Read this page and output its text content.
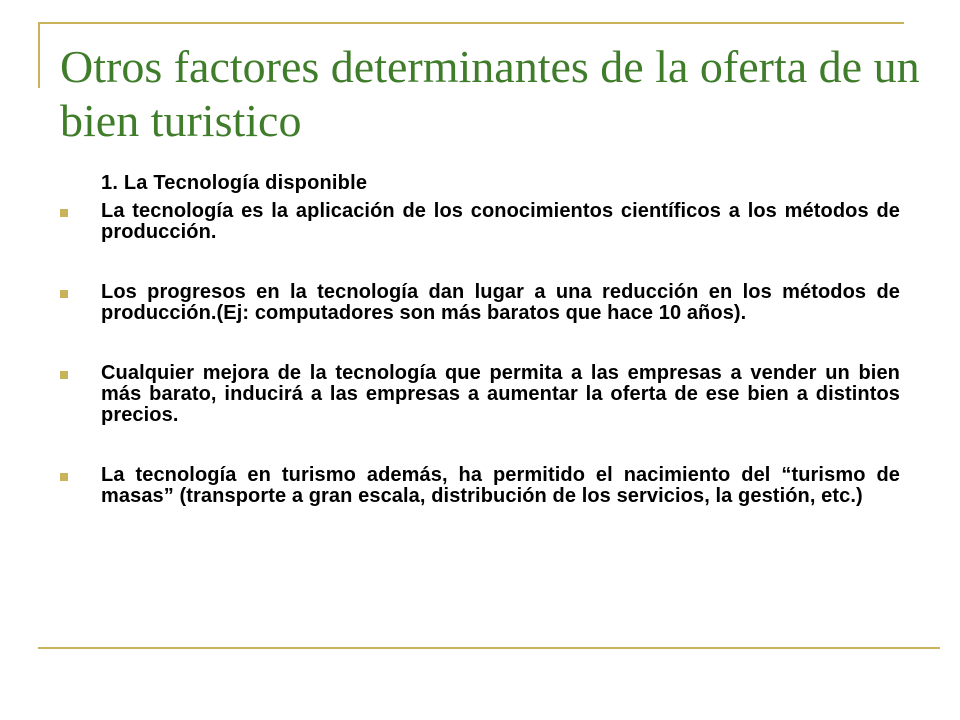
Otros factores determinantes de la oferta de un bien turistico
1. La Tecnología disponible
La tecnología es la aplicación de los conocimientos científicos a los métodos de producción.
Los progresos en la tecnología dan lugar a una reducción en los métodos de producción.(Ej: computadores son más baratos que hace 10 años).
Cualquier mejora de la tecnología que permita a las empresas a vender un bien más barato, inducirá a las empresas a aumentar la oferta de ese bien a distintos precios.
La tecnología en turismo además, ha permitido el nacimiento del “turismo de masas” (transporte a gran escala, distribución de los servicios, la gestión, etc.)
